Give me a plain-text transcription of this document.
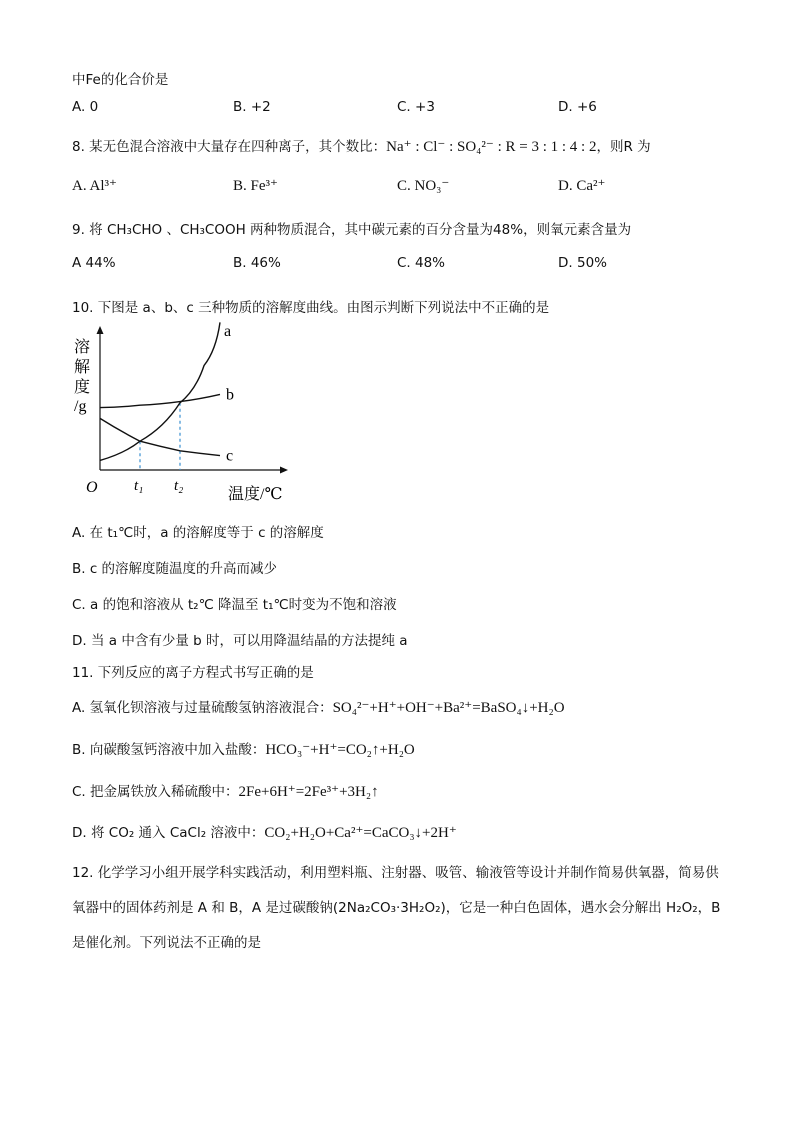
中Fe的化合价是
A. 0	B. +2	C. +3	D. +6
8. 某无色混合溶液中大量存在四种离子，其个数比：Na⁺ : Cl⁻ : SO₄²⁻ : R = 3 : 1 : 4 : 2，则R 为
A. Al³⁺	B. Fe³⁺	C. NO₃⁻	D. Ca²⁺
9. 将 CH₃CHO 、CH₃COOH 两种物质混合，其中碳元素的百分含量为48%，则氧元素含量为
A 44%	B. 46%	C. 48%	D. 50%
10. 下图是 a、b、c 三种物质的溶解度曲线。由图示判断下列说法中不正确的是
溶
解
度
/g
O	温度/℃
t₁ t₂
a
b
c
A. 在 t₁℃时，a 的溶解度等于 c 的溶解度
B. c 的溶解度随温度的升高而减少
C. a 的饱和溶液从 t₂℃ 降温至 t₁℃时变为不饱和溶液
D. 当 a 中含有少量 b 时，可以用降温结晶的方法提纯 a
11. 下列反应的离子方程式书写正确的是
A. 氢氧化钡溶液与过量硫酸氢钠溶液混合：SO₄²⁻+H⁺+OH⁻+Ba²⁺=BaSO₄↓+H₂O
B. 向碳酸氢钙溶液中加入盐酸：HCO₃⁻+H⁺=CO₂↑+H₂O
C. 把金属铁放入稀硫酸中：2Fe+6H⁺=2Fe³⁺+3H₂↑
D. 将 CO₂ 通入 CaCl₂ 溶液中：CO₂+H₂O+Ca²⁺=CaCO₃↓+2H⁺
12. 化学学习小组开展学科实践活动，利用塑料瓶、注射器、吸管、输液管等设计并制作简易供氧器，简易供氧器中的固体药剂是 A 和 B，A 是过碳酸钠(2Na₂CO₃·3H₂O₂)，它是一种白色固体，遇水会分解出 H₂O₂，B 是催化剂。下列说法不正确的是
